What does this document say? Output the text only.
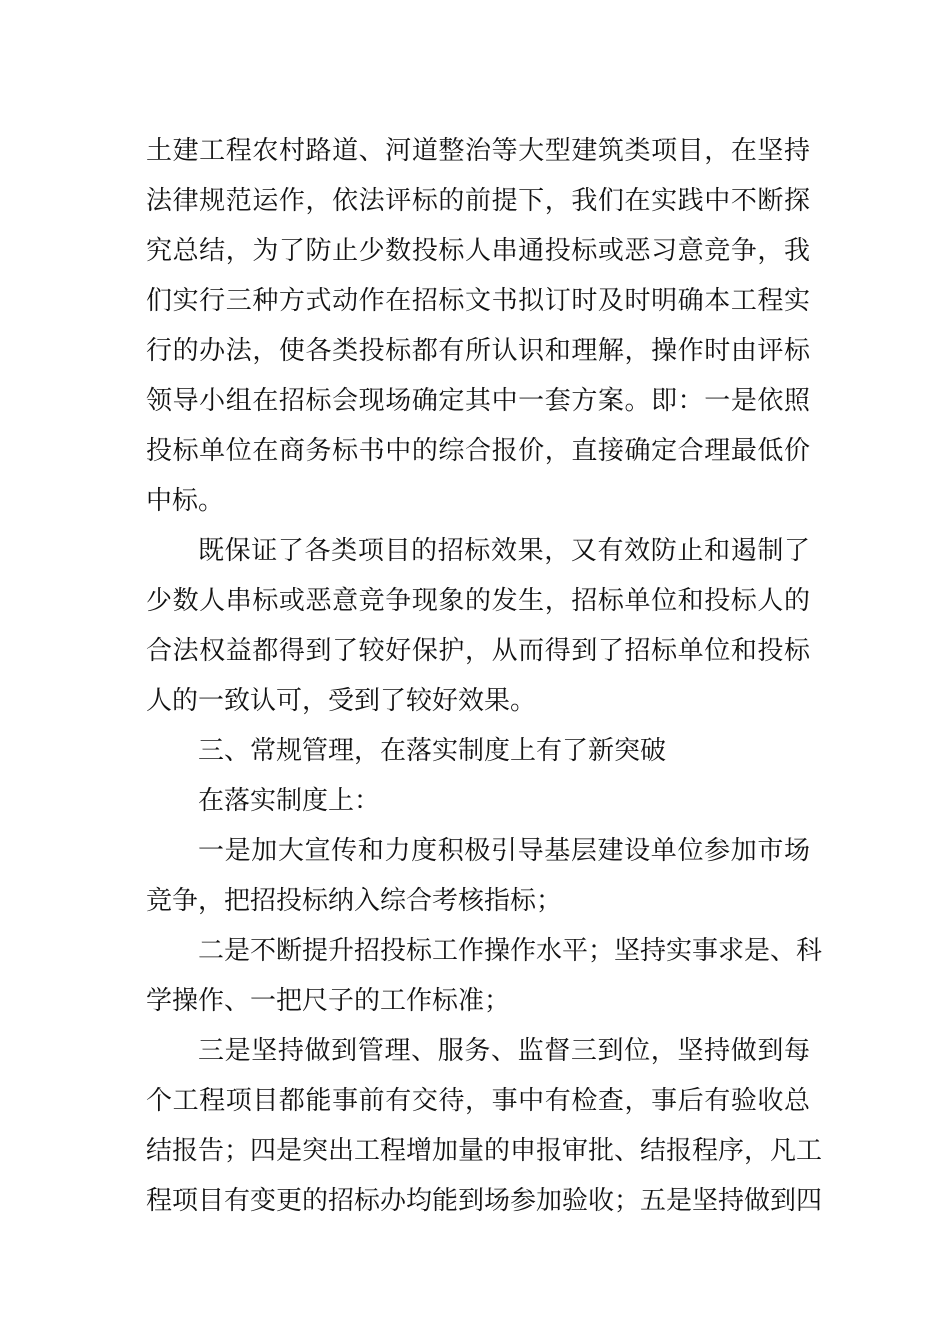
土建工程农村路道、河道整治等大型建筑类项目，在坚持
法律规范运作，依法评标的前提下，我们在实践中不断探
究总结，为了防止少数投标人串通投标或恶习意竞争，我
们实行三种方式动作在招标文书拟订时及时明确本工程实
行的办法，使各类投标都有所认识和理解，操作时由评标
领导小组在招标会现场确定其中一套方案。即：一是依照
投标单位在商务标书中的综合报价，直接确定合理最低价
中标。
既保证了各类项目的招标效果，又有效防止和遏制了
少数人串标或恶意竞争现象的发生，招标单位和投标人的
合法权益都得到了较好保护，从而得到了招标单位和投标
人的一致认可，受到了较好效果。
三、常规管理，在落实制度上有了新突破
在落实制度上：
一是加大宣传和力度积极引导基层建设单位参加市场
竞争，把招投标纳入综合考核指标；
二是不断提升招投标工作操作水平；坚持实事求是、科
学操作、一把尺子的工作标准；
三是坚持做到管理、服务、监督三到位，坚持做到每
个工程项目都能事前有交待，事中有检查，事后有验收总
结报告；四是突出工程增加量的申报审批、结报程序，凡工
程项目有变更的招标办均能到场参加验收；五是坚持做到四
